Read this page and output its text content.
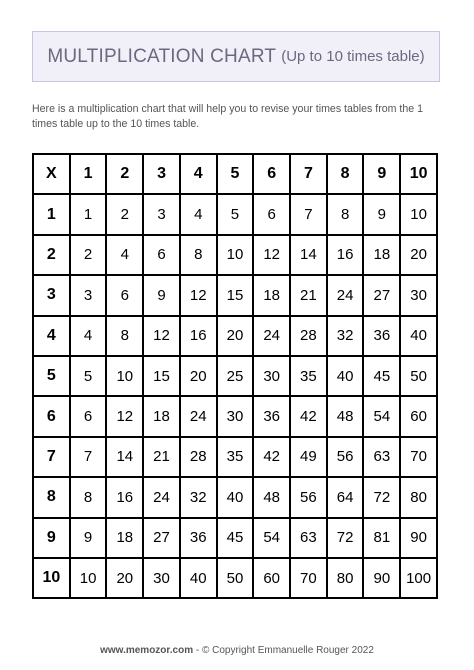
MULTIPLICATION CHART (Up to 10 times table)
Here is a multiplication chart that will help you to revise your times tables from the 1 times table up to the 10 times table.
X	1	2	3	4	5	6	7	8	9	10
1	1	2	3	4	5	6	7	8	9	10
2	2	4	6	8	10	12	14	16	18	20
3	3	6	9	12	15	18	21	24	27	30
4	4	8	12	16	20	24	28	32	36	40
5	5	10	15	20	25	30	35	40	45	50
6	6	12	18	24	30	36	42	48	54	60
7	7	14	21	28	35	42	49	56	63	70
8	8	16	24	32	40	48	56	64	72	80
9	9	18	27	36	45	54	63	72	81	90
10	10	20	30	40	50	60	70	80	90	100
www.memozor.com - © Copyright Emmanuelle Rouger 2022
